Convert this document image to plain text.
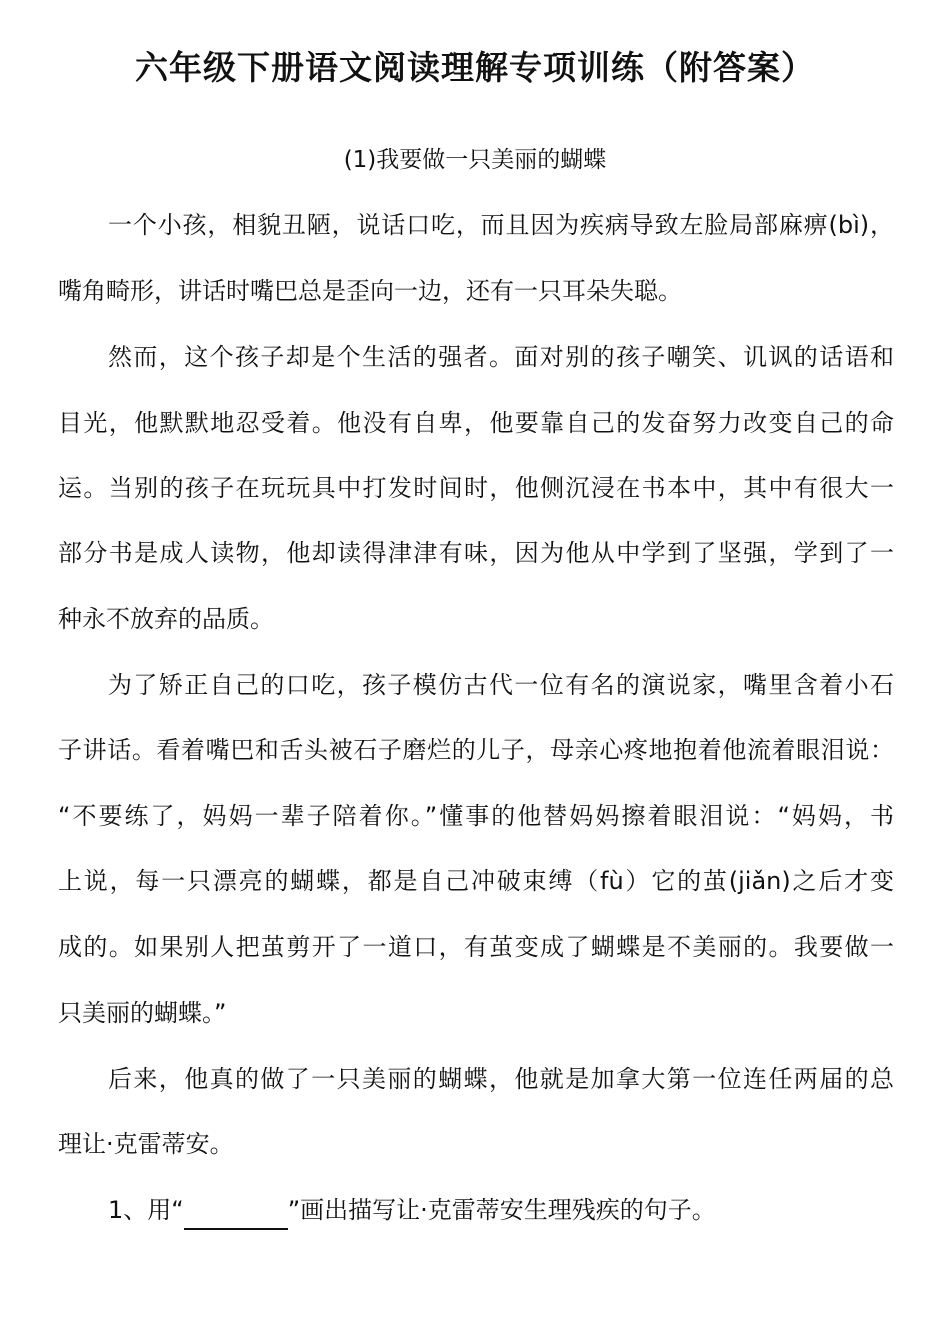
六年级下册语文阅读理解专项训练（附答案）
(1)我要做一只美丽的蝴蝶
一个小孩，相貌丑陋，说话口吃，而且因为疾病导致左脸局部麻痹(bì)，
嘴角畸形，讲话时嘴巴总是歪向一边，还有一只耳朵失聪。
然而，这个孩子却是个生活的强者。面对别的孩子嘲笑、讥讽的话语和
目光，他默默地忍受着。他没有自卑，他要靠自己的发奋努力改变自己的命
运。当别的孩子在玩玩具中打发时间时，他侧沉浸在书本中，其中有很大一
部分书是成人读物，他却读得津津有味，因为他从中学到了坚强，学到了一
种永不放弃的品质。
为了矫正自己的口吃，孩子模仿古代一位有名的演说家，嘴里含着小石
子讲话。看着嘴巴和舌头被石子磨烂的儿子，母亲心疼地抱着他流着眼泪说：
“不要练了，妈妈一辈子陪着你。”懂事的他替妈妈擦着眼泪说：“妈妈，书
上说，每一只漂亮的蝴蝶，都是自己冲破束缚（fù）它的茧(jiǎn)之后才变
成的。如果别人把茧剪开了一道口，有茧变成了蝴蝶是不美丽的。我要做一
只美丽的蝴蝶。”
后来，他真的做了一只美丽的蝴蝶，他就是加拿大第一位连任两届的总
理让·克雷蒂安。
1、用“	”画出描写让·克雷蒂安生理残疾的句子。
